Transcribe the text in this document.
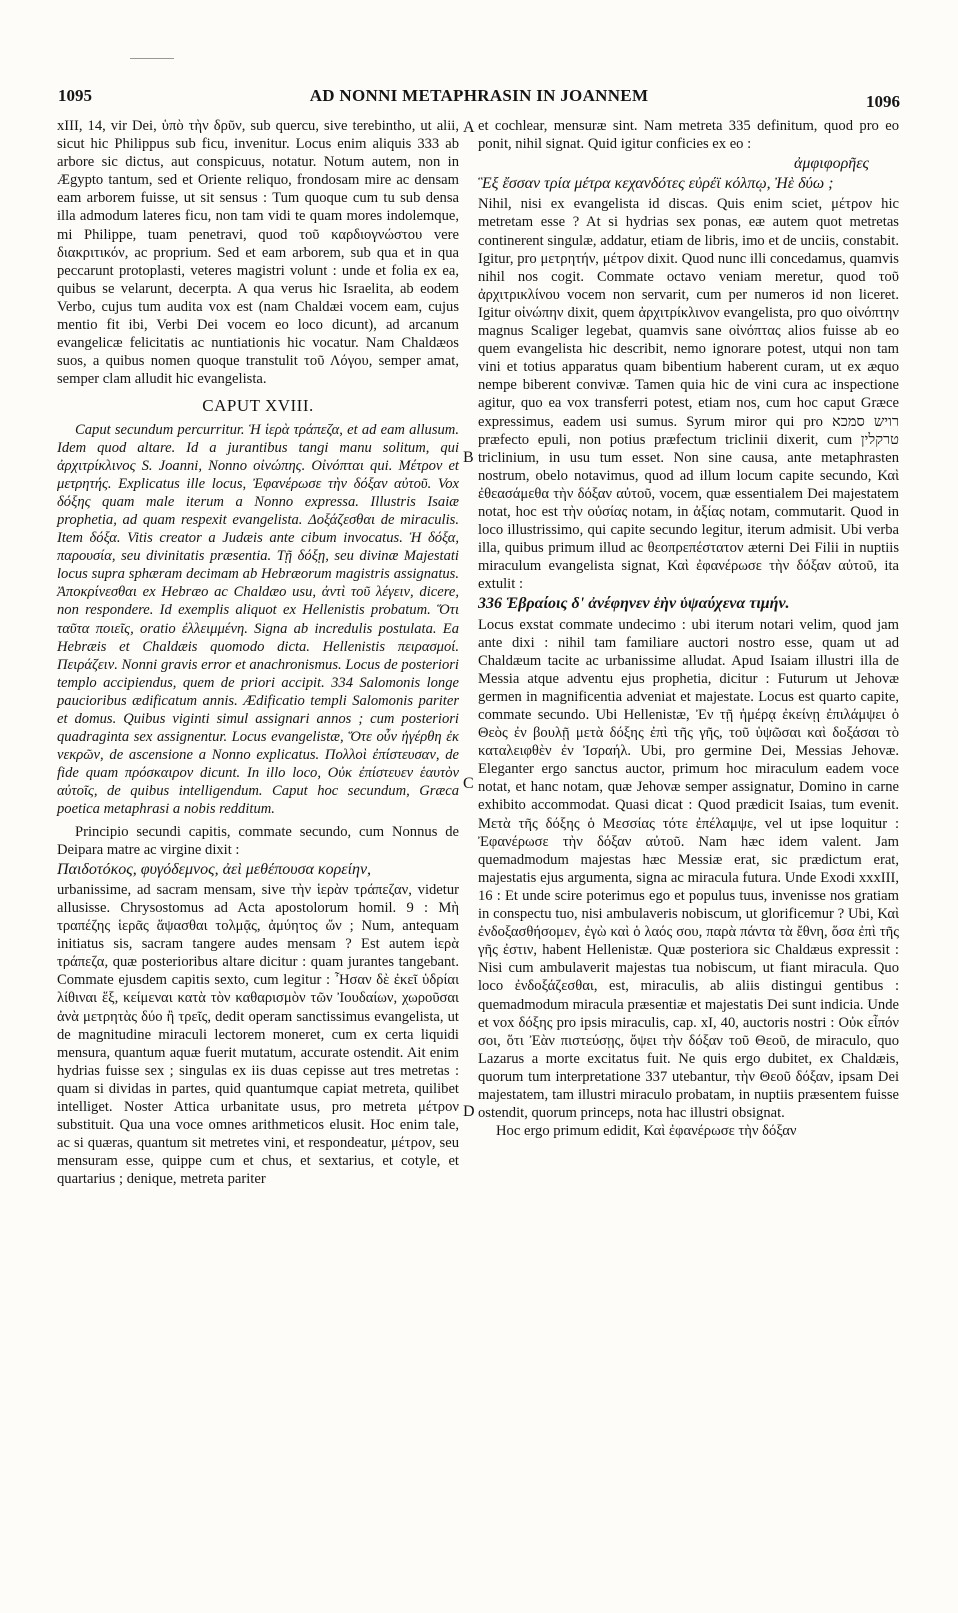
1095	AD NONNI METAPHRASIN IN JOANNEM	1096
A
B
C
D

xIII, 14, vir Dei, ὑπὸ τὴν δρῦν, sub quercu, sive terebintho, ut alii, sicut hic Philippus sub ficu, invenitur. Locus enim aliquis 333 ab arbore sic dictus, aut conspicuus, notatur. Notum autem, non in Ægypto tantum, sed et Oriente reliquo, frondosam mire ac densam eam arborem fuisse, ut sit sensus : Tum quoque cum tu sub densa illa admodum lateres ficu, non tam vidi te quam mores indolemque, mi Philippe, tuam penetravi, quod τοῦ καρδιογνώστου vere διακριτικόν, ac proprium. Sed et eam arborem, sub qua et in qua peccarunt protoplasti, veteres magistri volunt : unde et folia ex ea, quibus se velarunt, decerpta. A qua verus hic Israelita, ab eodem Verbo, cujus tum audita vox est (nam Chaldæi vocem eam, cujus mentio fit ibi, Verbi Dei vocem eo loco dicunt), ad arcanum evangelicæ felicitatis ac nuntiationis hic vocatur. Nam Chaldæos suos, a quibus nomen quoque transtulit τοῦ Λόγου, semper amat, semper clam alludit hic evangelista.

CAPUT XVIII.

Caput secundum percurritur. Ἡ ἱερὰ τράπεζα, et ad eam allusum. Idem quod altare. Id a jurantibus tangi manu solitum, qui ἀρχιτρίκλινος S. Joanni, Nonno οἰνώπης. Οἰνόπται qui. Μέτρον et μετρητής. Explicatus ille locus, Ἐφανέρωσε τὴν δόξαν αὐτοῦ. Vox δόξης quam male iterum a Nonno expressa. Illustris Isaiæ prophetia, ad quam respexit evangelista. Δοξάζεσθαι de miraculis. Item δόξα. Vitis creator a Judæis ante cibum invocatus. Ἡ δόξα, παρουσία, seu divinitatis præsentia. Τῇ δόξῃ, seu divinæ Majestati locus supra sphæram decimam ab Hebræorum magistris assignatus. Ἀποκρίνεσθαι ex Hebræo ac Chaldæo usu, ἀντὶ τοῦ λέγειν, dicere, non respondere. Id exemplis aliquot ex Hellenistis probatum. Ὅτι ταῦτα ποιεῖς, oratio ἐλλειμμένη. Signa ab incredulis postulata. Ea Hebræis et Chaldæis quomodo dicta. Hellenistis πειρασμοί. Πειράζειν. Nonni gravis error et anachronismus. Locus de posteriori templo accipiendus, quem de priori accipit. 334 Salomonis longe paucioribus ædificatum annis. Ædificatio templi Salomonis pariter et domus. Quibus viginti simul assignari annos ; cum posteriori quadraginta sex assignentur. Locus evangelistæ, Ὅτε οὖν ἠγέρθη ἐκ νεκρῶν, de ascensione a Nonno explicatus. Πολλοὶ ἐπίστευσαν, de fide quam πρόσκαιρον dicunt. In illo loco, Οὐκ ἐπίστευεν ἑαυτὸν αὐτοῖς, de quibus intelligendum. Caput hoc secundum, Græca poetica metaphrasi a nobis redditum.

Principio secundi capitis, commate secundo, cum Nonnus de Deipara matre ac virgine dixit :

Παιδοτόκος, φυγόδεμνος, ἀεὶ μεθέπουσα κορείην,

urbanissime, ad sacram mensam, sive τὴν ἱερὰν τράπεζαν, videtur allusisse. Chrysostomus ad Acta apostolorum homil. 9 : Μὴ τραπέζης ἱερᾶς ἅψασθαι τολμᾷς, ἀμύητος ὤν ; Num, antequam initiatus sis, sacram tangere audes mensam ? Est autem ἱερὰ τράπεζα, quæ posterioribus altare dicitur : quam jurantes tangebant. Commate ejusdem capitis sexto, cum legitur : Ἦσαν δὲ ἐκεῖ ὑδρίαι λίθιναι ἕξ, κείμεναι κατὰ τὸν καθαρισμὸν τῶν Ἰουδαίων, χωροῦσαι ἀνὰ μετρητὰς δύο ἢ τρεῖς, dedit operam sanctissimus evangelista, ut de magnitudine miraculi lectorem moneret, cum ex certa liquidi mensura, quantum aquæ fuerit mutatum, accurate ostendit. Ait enim hydrias fuisse sex ; singulas ex iis duas cepisse aut tres metretas : quam si dividas in partes, quid quantumque capiat metreta, quilibet intelliget. Noster Attica urbanitate usus, pro metreta μέτρον substituit. Qua una voce omnes arithmeticos elusit. Hoc enim tale, ac si quæras, quantum sit metretes vini, et respondeatur, μέτρον, seu mensuram esse, quippe cum et chus, et sextarius, et cotyle, et quartarius ; denique, metreta pariter

et cochlear, mensuræ sint. Nam metreta 335 definitum, quod pro eo ponit, nihil signat. Quid igitur conficies ex eo :

ἀμφιφορῆες
Ἓξ ἔσσαν τρία μέτρα κεχανδότες εὐρέϊ κόλπῳ, Ἠὲ δύω ;

Nihil, nisi ex evangelista id discas. Quis enim sciet, μέτρον hic metretam esse ? At si hydrias sex ponas, eæ autem quot metretas continerent singulæ, addatur, etiam de libris, imo et de unciis, constabit. Igitur, pro μετρητήν, μέτρον dixit. Quod nunc illi concedamus, quamvis nihil nos cogit. Commate octavo veniam meretur, quod τοῦ ἀρχιτρικλίνου vocem non servarit, cum per numeros id non liceret. Igitur οἰνώπην dixit, quem ἀρχιτρίκλινον evangelista, pro quo οἰνόπτην magnus Scaliger legebat, quamvis sane οἰνόπτας alios fuisse ab eo quem evangelista hic describit, nemo ignorare potest, utqui non tam vini et totius apparatus quam bibentium haberent curam, ut ex æquo nempe biberent convivæ. Tamen quia hic de vini cura ac inspectione agitur, quo ea vox transferri potest, etiam nos, cum hoc caput Græce expressimus, eadem usi sumus. Syrum miror qui pro רויש סמכא præfecto epuli, non potius præfectum triclinii dixerit, cum טרקלין triclinium, in usu tum esset. Non sine causa, ante metaphrasten nostrum, obelo notavimus, quod ad illum locum capite secundo, Καὶ ἐθεασάμεθα τὴν δόξαν αὐτοῦ, vocem, quæ essentialem Dei majestatem notat, hoc est τὴν οὐσίας notam, in ἀξίας notam, commutarit. Quod in loco illustrissimo, qui capite secundo legitur, iterum admisit. Ubi verba illa, quibus primum illud ac θεοπρεπέστατον æterni Dei Filii in nuptiis miraculum evangelista signat, Καὶ ἐφανέρωσε τὴν δόξαν αὐτοῦ, ita extulit :

336 Ἑβραίοις δ' ἀνέφηνεν ἑὴν ὑψαύχενα τιμήν.

Locus exstat commate undecimo : ubi iterum notari velim, quod jam ante dixi : nihil tam familiare auctori nostro esse, quam ut ad Chaldæum tacite ac urbanissime alludat. Apud Isaiam illustri illa de Messia atque adventu ejus prophetia, dicitur : Futurum ut Jehovæ germen in magnificentia adveniat et majestate. Locus est quarto capite, commate secundo. Ubi Hellenistæ, Ἐν τῇ ἡμέρᾳ ἐκείνῃ ἐπιλάμψει ὁ Θεὸς ἐν βουλῇ μετὰ δόξης ἐπὶ τῆς γῆς, τοῦ ὑψῶσαι καὶ δοξάσαι τὸ καταλειφθὲν ἐν Ἰσραήλ. Ubi, pro germine Dei, Messias Jehovæ. Eleganter ergo sanctus auctor, primum hoc miraculum eadem voce notat, et hanc notam, quæ Jehovæ semper assignatur, Domino in carne exhibito accommodat. Quasi dicat : Quod prædicit Isaias, tum evenit. Μετὰ τῆς δόξης ὁ Μεσσίας τότε ἐπέλαμψε, vel ut ipse loquitur : Ἐφανέρωσε τὴν δόξαν αὐτοῦ. Nam hæc idem valent. Jam quemadmodum majestas hæc Messiæ erat, sic prædictum erat, majestatis ejus argumenta, signa ac miracula futura. Unde Exodi xxxIII, 16 : Et unde scire poterimus ego et populus tuus, invenisse nos gratiam in conspectu tuo, nisi ambulaveris nobiscum, ut glorificemur ? Ubi, Καὶ ἐνδοξασθήσομεν, ἐγὼ καὶ ὁ λαός σου, παρὰ πάντα τὰ ἔθνη, ὅσα ἐπὶ τῆς γῆς ἐστιν, habent Hellenistæ. Quæ posteriora sic Chaldæus expressit : Nisi cum ambulaverit majestas tua nobiscum, ut fiant miracula. Quo loco ἐνδοξάζεσθαι, est, miraculis, ab aliis distingui gentibus : quemadmodum miracula præsentiæ et majestatis Dei sunt indicia. Unde et vox δόξης pro ipsis miraculis, cap. xI, 40, auctoris nostri : Οὐκ εἶπόν σοι, ὅτι Ἐὰν πιστεύσῃς, ὄψει τὴν δόξαν τοῦ Θεοῦ, de miraculo, quo Lazarus a morte excitatus fuit. Ne quis ergo dubitet, ex Chaldæis, quorum tum interpretatione 337 utebantur, τὴν Θεοῦ δόξαν, ipsam Dei majestatem, tam illustri miraculo probatam, in nuptiis præsentem fuisse ostendit, quorum princeps, nota hac illustri obsignat.

Hoc ergo primum edidit, Καὶ ἐφανέρωσε τὴν δόξαν
